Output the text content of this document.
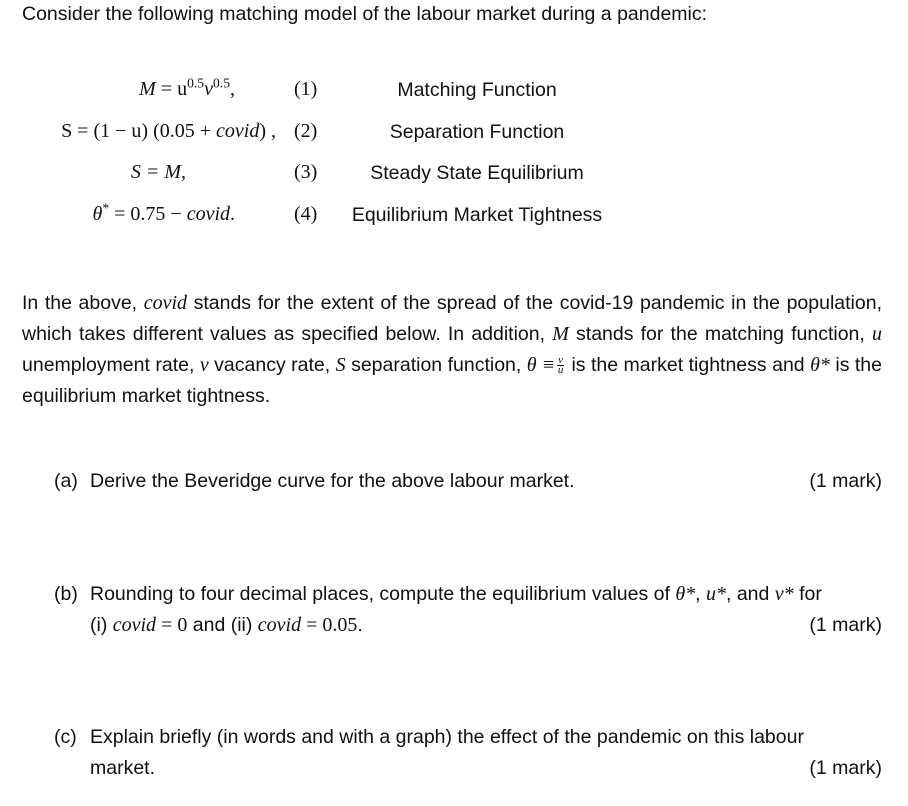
Consider the following matching model of the labour market during a pandemic:
$M = u^{0.5}v^{0.5}$,	(1)	Matching Function
S = (1 − u) (0.05 + covid) , (2)	Separation Function
S = M,	(3)	Steady State Equilibrium
θ* = 0.75 − covid.	(4)	Equilibrium Market Tightness
In the above, covid stands for the extent of the spread of the covid-19 pandemic in the population, which takes different values as specified below. In addition, M stands for the matching function, u unemployment rate, v vacancy rate, S separation function, $\theta \equiv \frac{v}{u}$ is the market tightness and θ* is the equilibrium market tightness.
(a) Derive the Beveridge curve for the above labour market.	(1 mark)
(b) Rounding to four decimal places, compute the equilibrium values of θ*, u*, and v* for
(i) covid = 0 and (ii) covid = 0.05.	(1 mark)
(c) Explain briefly (in words and with a graph) the effect of the pandemic on this labour
market.	(1 mark)
